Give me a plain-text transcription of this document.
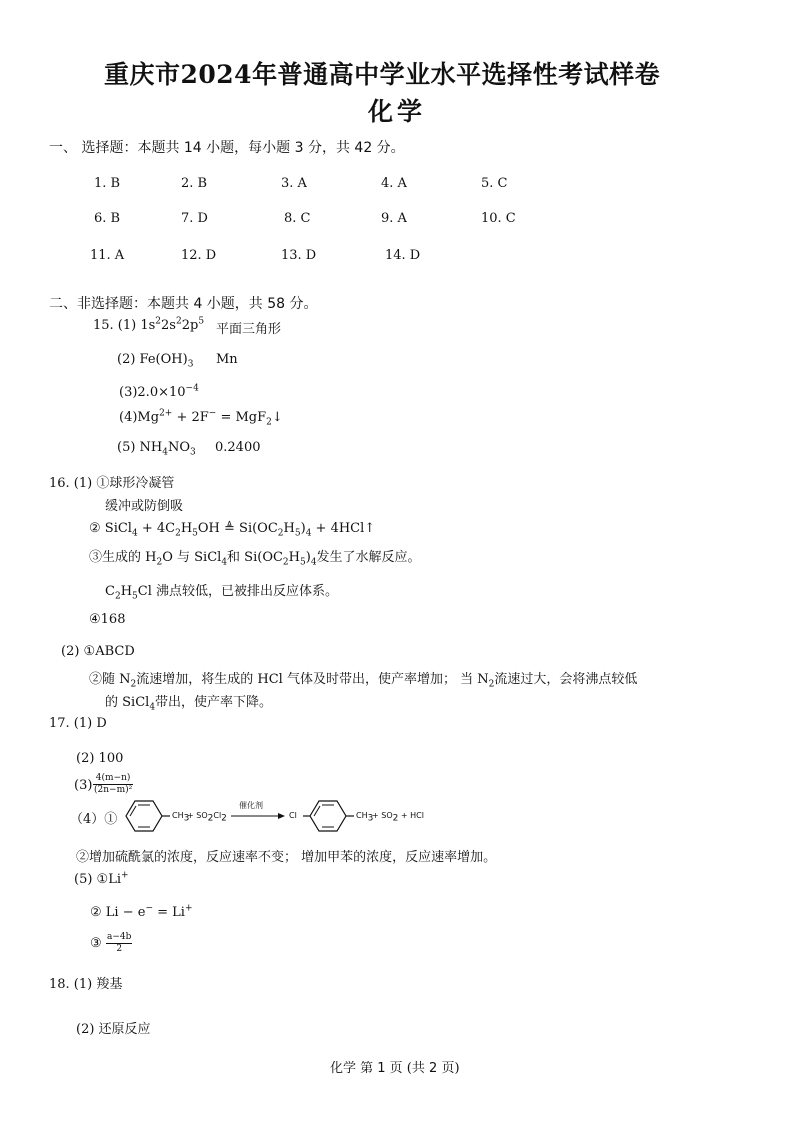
重庆市2024年普通高中学业水平选择性考试样卷
化学
一、 选择题：本题共 14 小题，每小题 3 分，共 42 分。
1. B	2. B	3. A	4. A	5. C
6. B	7. D	8. C	9. A	10. C
11. A	12. D	13. D	14. D
二、非选择题：本题共 4 小题，共 58 分。
15. (1) $1s^22s^22p^5$
平面三角形
(2) $Fe(OH)_3$ Mn
$(3)2.0\times 10^{-4}$
$(4)Mg^{2+} + 2F^-$ = MgF$_2$↓
(5) $NH_4NO_3$ 0.2400
16. (1) ①球形冷凝管
缓冲或防倒吸
② SiCl$_4$ + $4C_2H_5OH$ ≜ $Si(OC_2H_5)_4$ + 4HCl↑
③生成的 $H_2O$ 与 SiCl$_4$和 $Si(OC_2H_5)_4$发生了水解反应。
$C_2H_5Cl$ 沸点较低，已被排出反应体系。
④168
(2) ①ABCD
②随 $N_2$流速增加，将生成的 HCl 气体及时带出，使产率增加； 当 $N_2$流速过大，会将沸点较低
的 SiCl$_4$带出，使产率下降。
17. (1) D
(2) 100
$(3) \frac{4(m-n)}{\text{(2n−m)²}}$
（4）①	$CH_3$
+ $SO_2Cl_2$
催化剂
Cl	$CH_3$
+ $SO_2$ + HCl
②增加硫酰氯的浓度，反应速率不变； 增加甲苯的浓度，反应速率增加。
(5) ①Li+
② Li − e− = Li+
③ $\frac{a-4b}{2}$
18. (1) 羧基
(2) 还原反应
化学 第 1 页 (共 2 页)
